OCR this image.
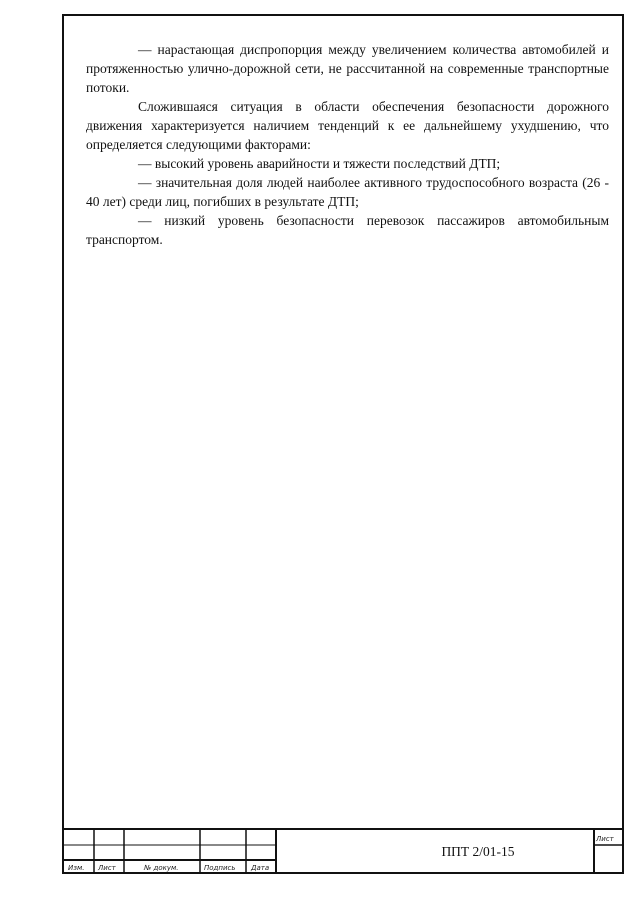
— нарастающая диспропорция между увеличением количества автомобилей и протяженностью улично-дорожной сети, не рассчитанной на современные транспортные потоки.

Сложившаяся ситуация в области обеспечения безопасности дорожного движения характеризуется наличием тенденций к ее дальнейшему ухудшению, что определяется следующими факторами:

— высокий уровень аварийности и тяжести последствий ДТП;

— значительная доля людей наиболее активного трудоспособного возраста (26 - 40 лет) среди лиц, погибших в результате ДТП;

— низкий уровень безопасности перевозок пассажиров автомобильным транспортом.

Изм. Лист	№ докум.	Подпись Дата
ППТ 2/01-15
Лист
